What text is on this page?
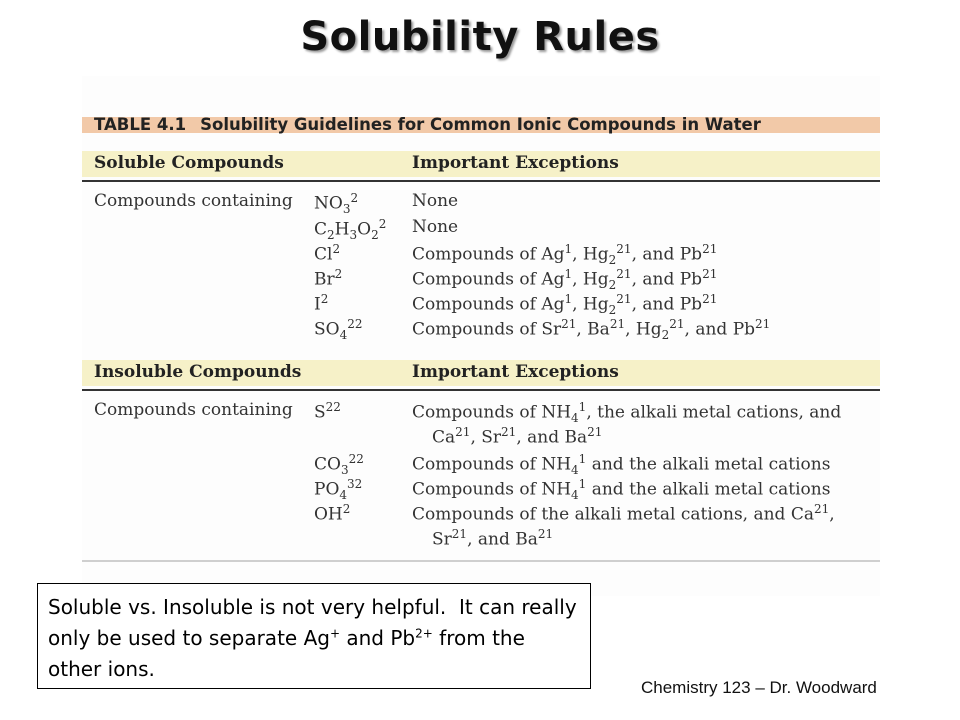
Solubility Rules
TABLE 4.1 Solubility Guidelines for Common Ionic Compounds in Water
Soluble Compounds	Important Exceptions
Compounds containing $NO_3^2$	None
$C_2H_3O_2^2$ None
Cl$^2$	Compounds of Ag$^1$, $Hg_2^{21}$, and Pb$^{21}$
Br$^2$	Compounds of Ag$^1$, $Hg_2^{21}$, and Pb$^{21}$
$I^2$	Compounds of Ag$^1$, $Hg_2^{21}$, and Pb$^{21}$
$SO_4^{22}$	Compounds of Sr$^{21}$, Ba$^{21}$, $Hg_2^{21}$, and Pb$^{21}$
Insoluble Compounds	Important Exceptions
Compounds containing $S^{22}$	Compounds of $NH_4^1$, the alkali metal cations, and
Ca$^{21}$, Sr$^{21}$, and Ba$^{21}$
$CO_3^{22}$	Compounds of $NH_4^1$ and the alkali metal cations
$PO_4^{32}$	Compounds of $NH_4^1$ and the alkali metal cations
$OH^2$	Compounds of the alkali metal cations, and Ca$^{21}$,
Sr$^{21}$, and Ba$^{21}$
Soluble vs. Insoluble is not very helpful.  It can really only be used to separate Ag+ and $Pb^{2+}$ from the other ions.
Chemistry 123 – Dr. Woodward
